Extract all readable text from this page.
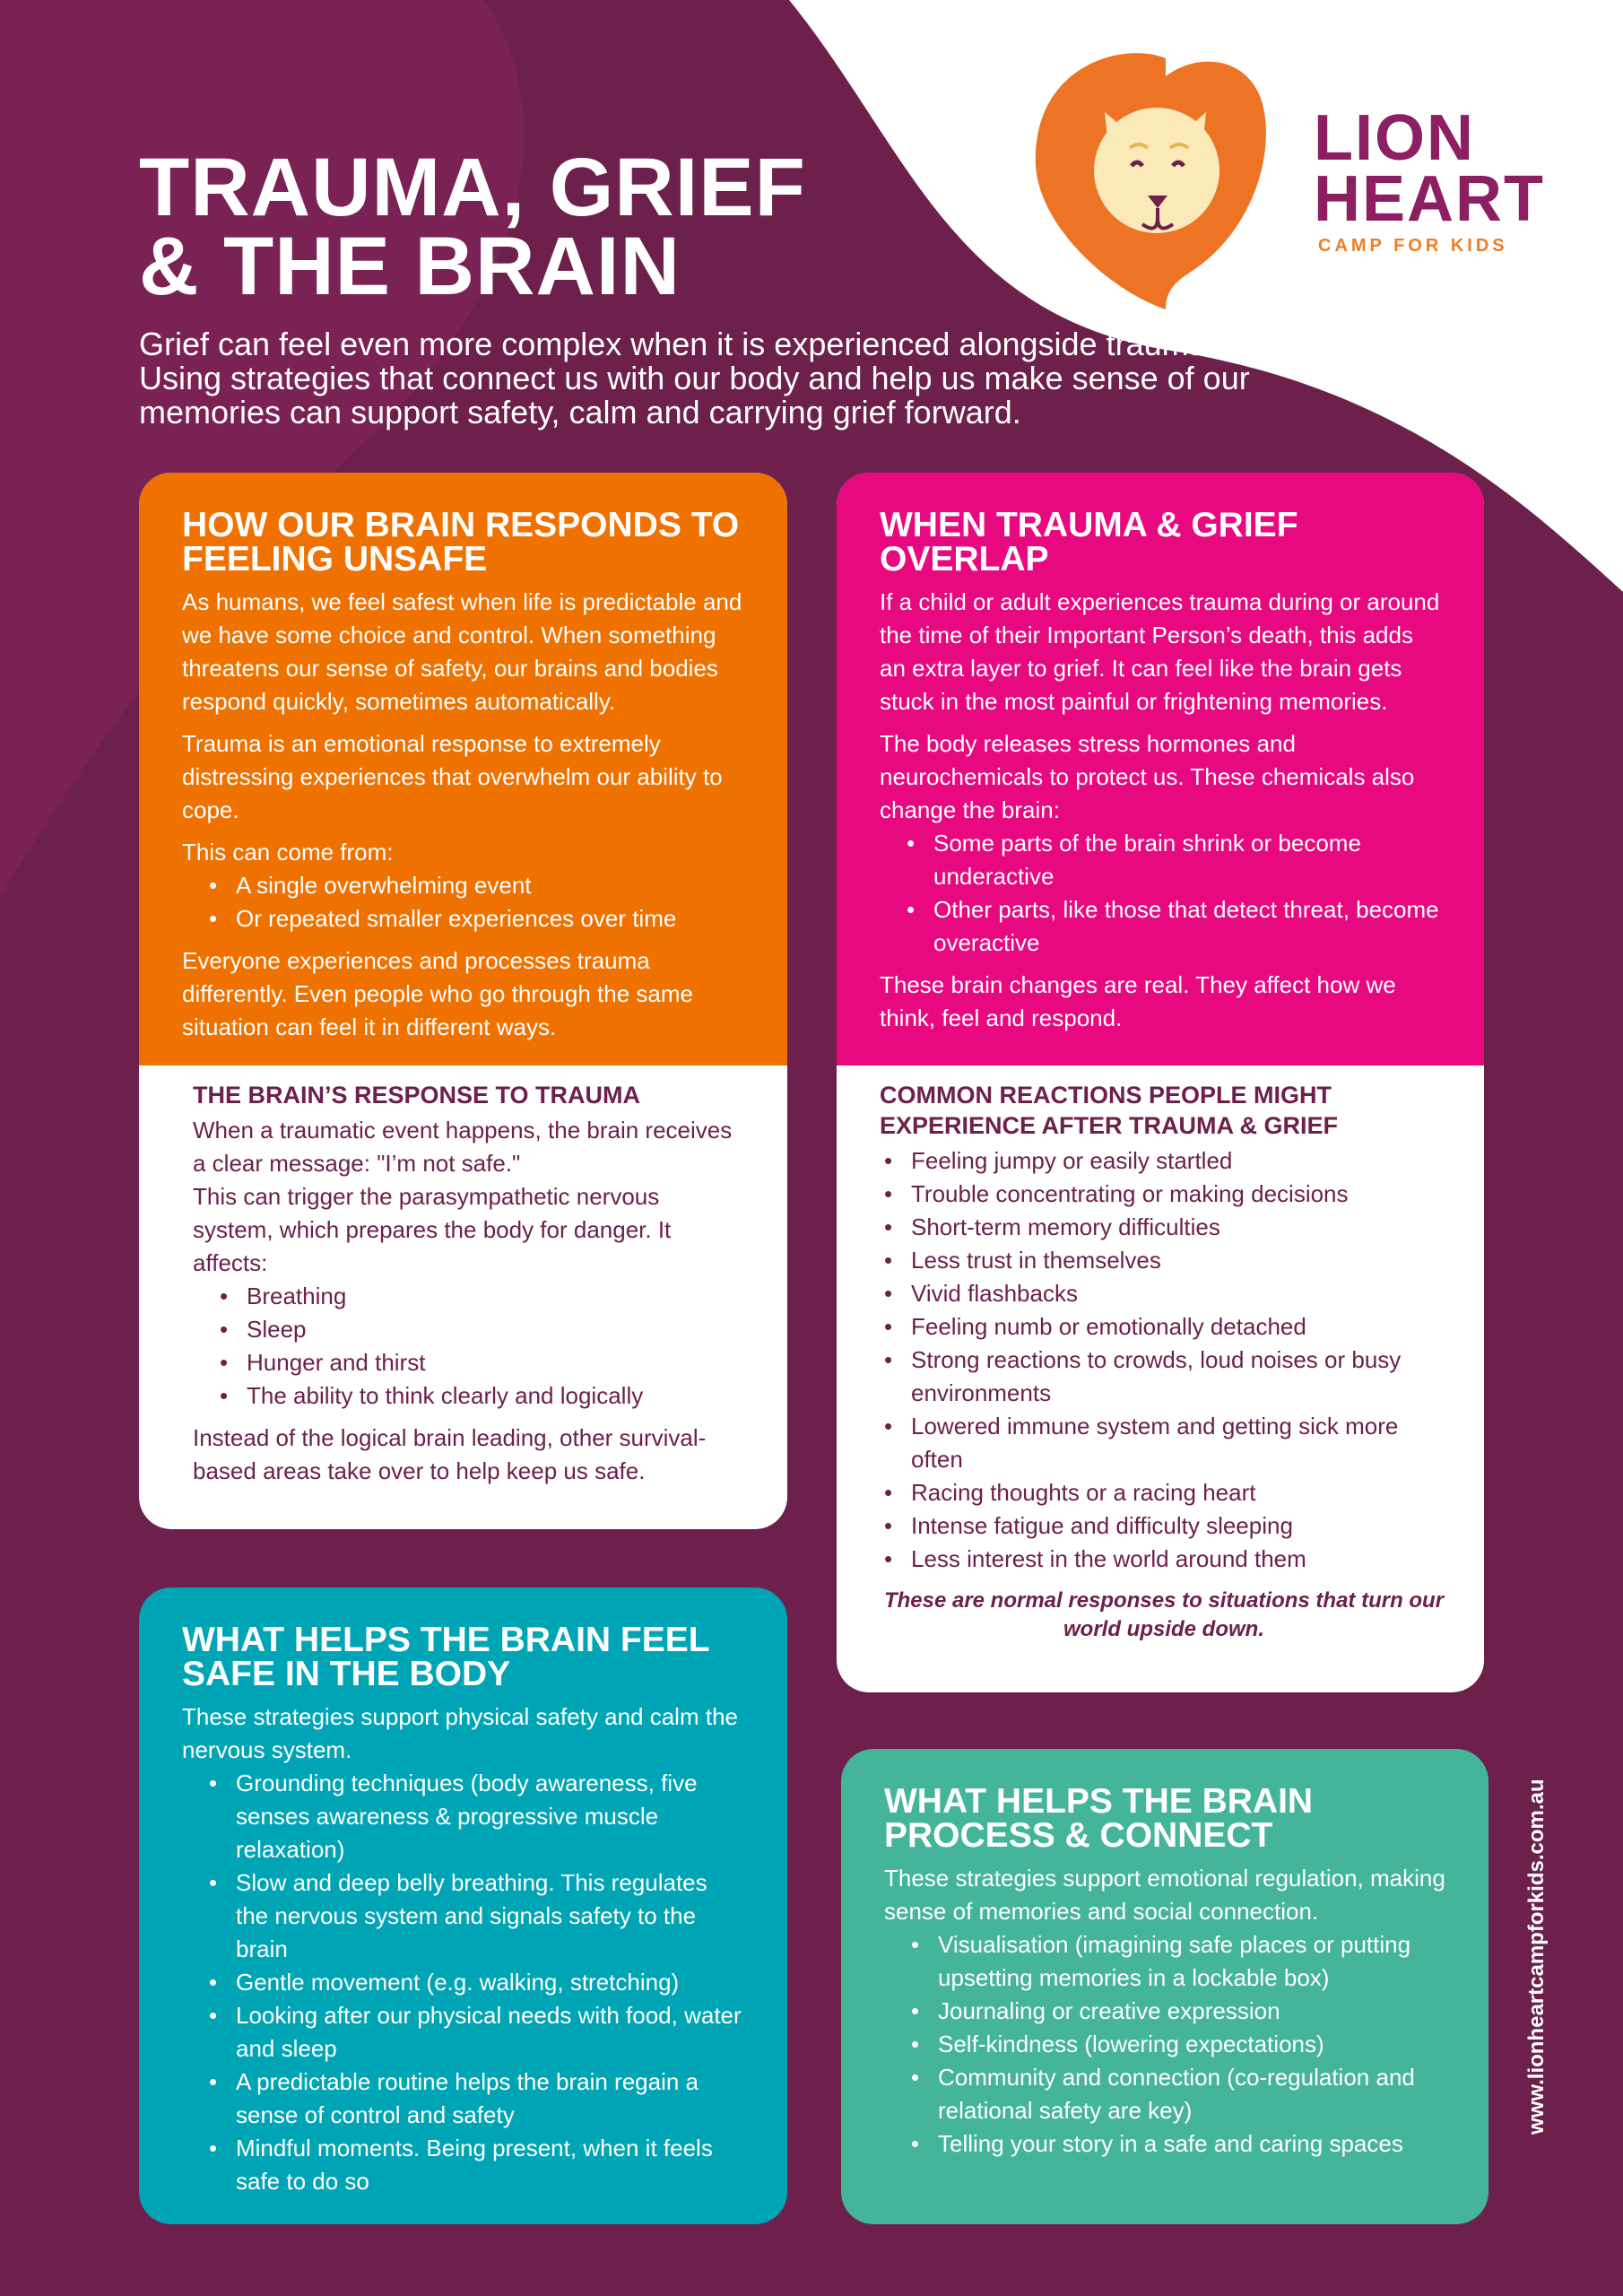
TRAUMA, GRIEF
& THE BRAIN
Grief can feel even more complex when it is experienced alongside trauma. Using strategies that connect us with our body and help us make sense of our memories can support safety, calm and carrying grief forward.
LION
HEART
CAMP FOR KIDS
HOW OUR BRAIN RESPONDS TO FEELING UNSAFE

As humans, we feel safest when life is predictable and we have some choice and control. When something threatens our sense of safety, our brains and bodies respond quickly, sometimes automatically.

Trauma is an emotional response to extremely distressing experiences that overwhelm our ability to cope.

This can come from:

• A single overwhelming event
• Or repeated smaller experiences over time

Everyone experiences and processes trauma differently. Even people who go through the same situation can feel it in different ways.

THE BRAIN’S RESPONSE TO TRAUMA

When a traumatic event happens, the brain receives a clear message: "I’m not safe."

This can trigger the parasympathetic nervous system, which prepares the body for danger. It affects:

• Breathing
• Sleep
• Hunger and thirst
• The ability to think clearly and logically

Instead of the logical brain leading, other survival-based areas take over to help keep us safe.

WHEN TRAUMA & GRIEF OVERLAP

If a child or adult experiences trauma during or around the time of their Important Person’s death, this adds an extra layer to grief. It can feel like the brain gets stuck in the most painful or frightening memories.

The body releases stress hormones and neurochemicals to protect us. These chemicals also change the brain:

• Some parts of the brain shrink or become underactive
• Other parts, like those that detect threat, become overactive

These brain changes are real. They affect how we think, feel and respond.

COMMON REACTIONS PEOPLE MIGHT EXPERIENCE AFTER TRAUMA & GRIEF
• Feeling jumpy or easily startled
• Trouble concentrating or making decisions
• Short-term memory difficulties
• Less trust in themselves
• Vivid flashbacks
• Feeling numb or emotionally detached
• Strong reactions to crowds, loud noises or busy environments
• Lowered immune system and getting sick more often
• Racing thoughts or a racing heart
• Intense fatigue and difficulty sleeping
• Less interest in the world around them
These are normal responses to situations that turn our world upside down.
WHAT HELPS THE BRAIN FEEL SAFE IN THE BODY

These strategies support physical safety and calm the nervous system.

• Grounding techniques (body awareness, five senses awareness & progressive muscle relaxation)
• Slow and deep belly breathing. This regulates the nervous system and signals safety to the brain
• Gentle movement (e.g. walking, stretching)
• Looking after our physical needs with food, water and sleep
• A predictable routine helps the brain regain a sense of control and safety
• Mindful moments. Being present, when it feels safe to do so
WHAT HELPS THE BRAIN PROCESS & CONNECT

These strategies support emotional regulation, making sense of memories and social connection.

• Visualisation (imagining safe places or putting upsetting memories in a lockable box)
• Journaling or creative expression
• Self-kindness (lowering expectations)
• Community and connection (co-regulation and relational safety are key)
• Telling your story in a safe and caring spaces
www.lionheartcampforkids.com.au
